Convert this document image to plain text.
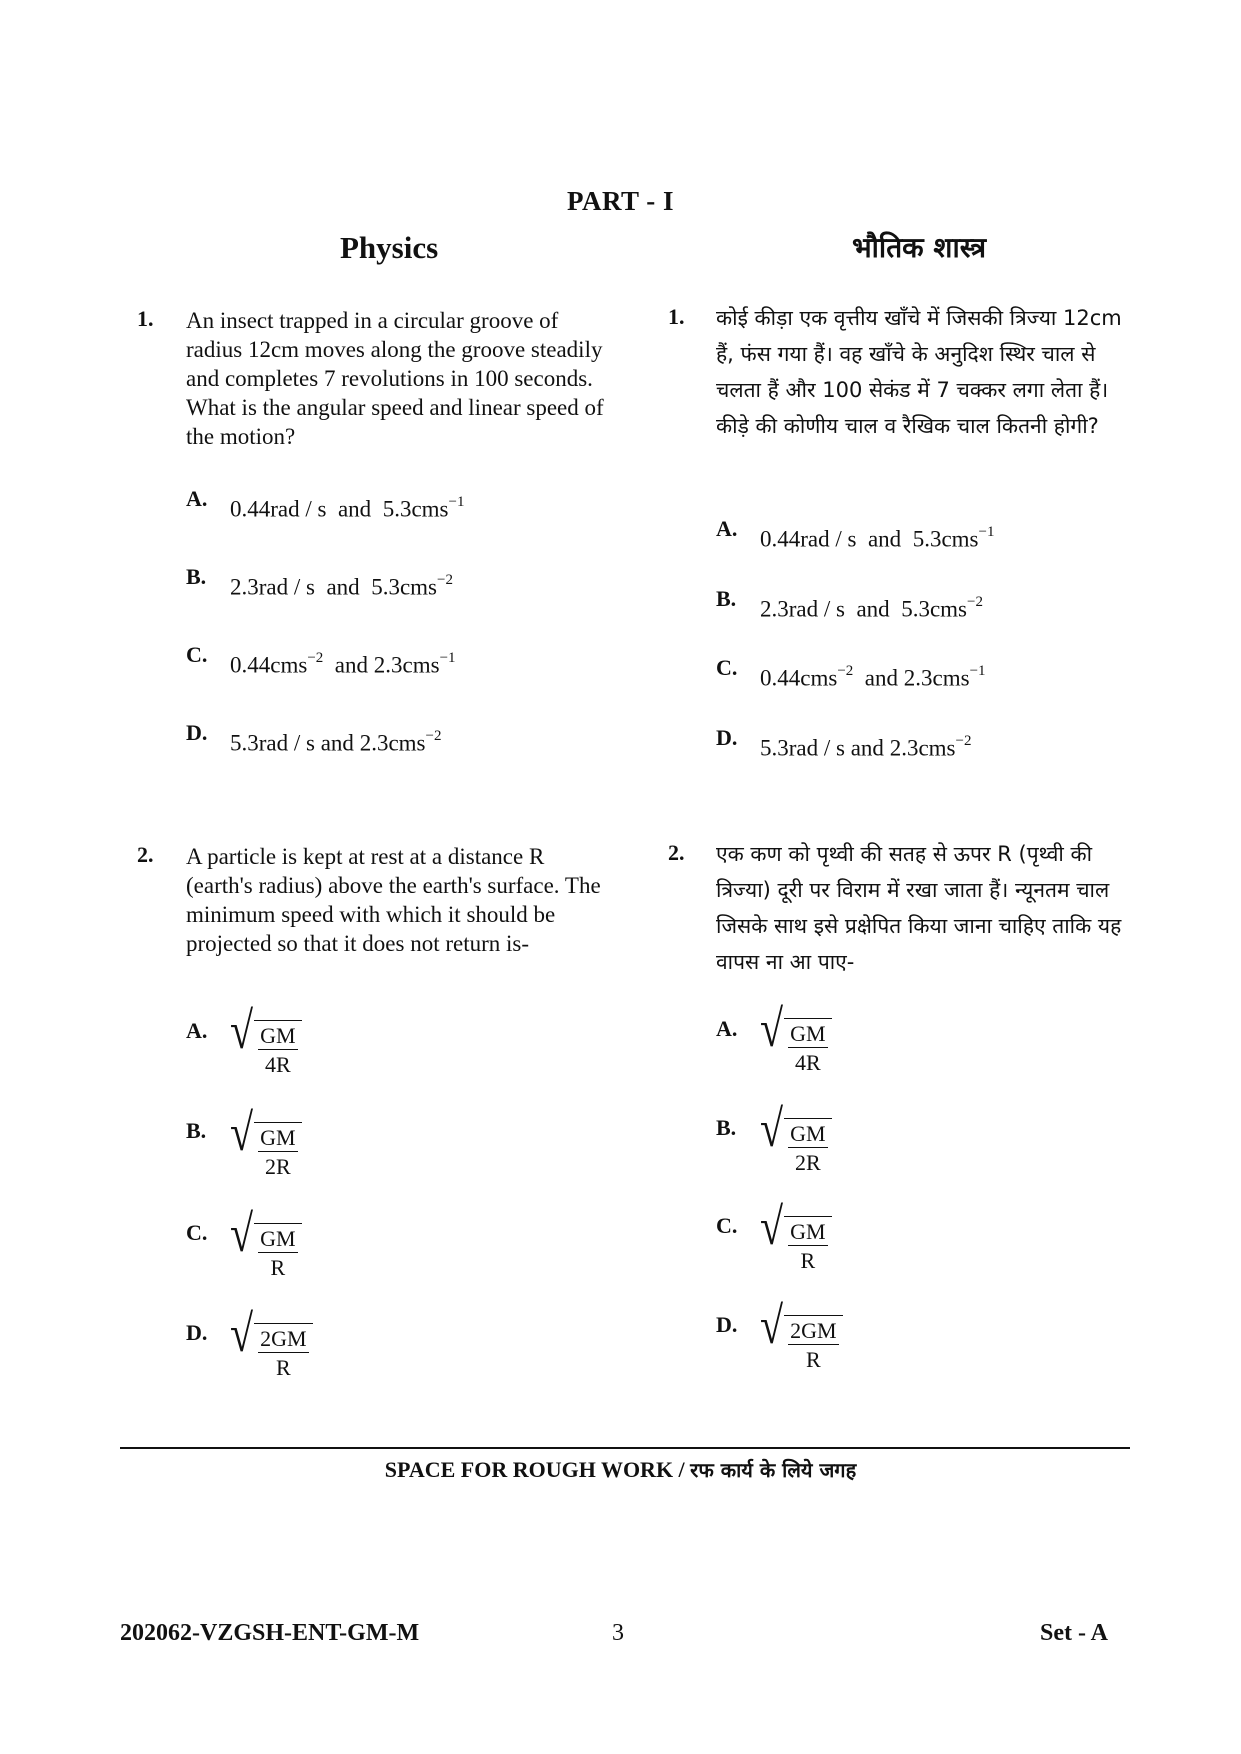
PART - I
Physics	भौतिक शास्त्र
1. An insect trapped in a circular groove of radius 12cm moves along the groove steadily and completes 7 revolutions in 100 seconds. What is the angular speed and linear speed of the motion?
A. 0.44rad / s and 5.3cms$^{-1}$
B. 2.3rad / s and 5.3cms$^{-2}$
C. 0.44cms$^{-2}$ and 2.3cms$^{-1}$
D. 5.3rad / s and 2.3cms$^{-2}$
1. कोई कीड़ा एक वृत्तीय खाँचे में जिसकी त्रिज्या 12cm हैं, फंस गया हैं। वह खाँचे के अनुदिश स्थिर चाल से चलता हैं और 100 सेकंड में 7 चक्कर लगा लेता हैं। कीड़े की कोणीय चाल व रैखिक चाल कितनी होगी?
A. 0.44rad / s and 5.3cms$^{-1}$
B. 2.3rad / s and 5.3cms$^{-2}$
C. 0.44cms$^{-2}$ and 2.3cms$^{-1}$
D. 5.3rad / s and 2.3cms$^{-2}$
2. A particle is kept at rest at a distance R (earth's radius) above the earth's surface. The minimum speed with which it should be projected so that it does not return is-
A. √ $\frac{GM}{4R}$
B. √ $\frac{GM}{2R}$
C. √ $\frac{GM}{R}$
D. √ $\frac{2GM}{R}$
2. एक कण को पृथ्वी की सतह से ऊपर R (पृथ्वी की त्रिज्या) दूरी पर विराम में रखा जाता हैं। न्यूनतम चाल जिसके साथ इसे प्रक्षेपित किया जाना चाहिए ताकि यह वापस ना आ पाए-
A. √ $\frac{GM}{4R}$
B. √ $\frac{GM}{2R}$
C. √ $\frac{GM}{R}$
D. √ $\frac{2GM}{R}$
SPACE FOR ROUGH WORK / रफ कार्य के लिये जगह
202062-VZGSH-ENT-GM-M	3	Set - A
